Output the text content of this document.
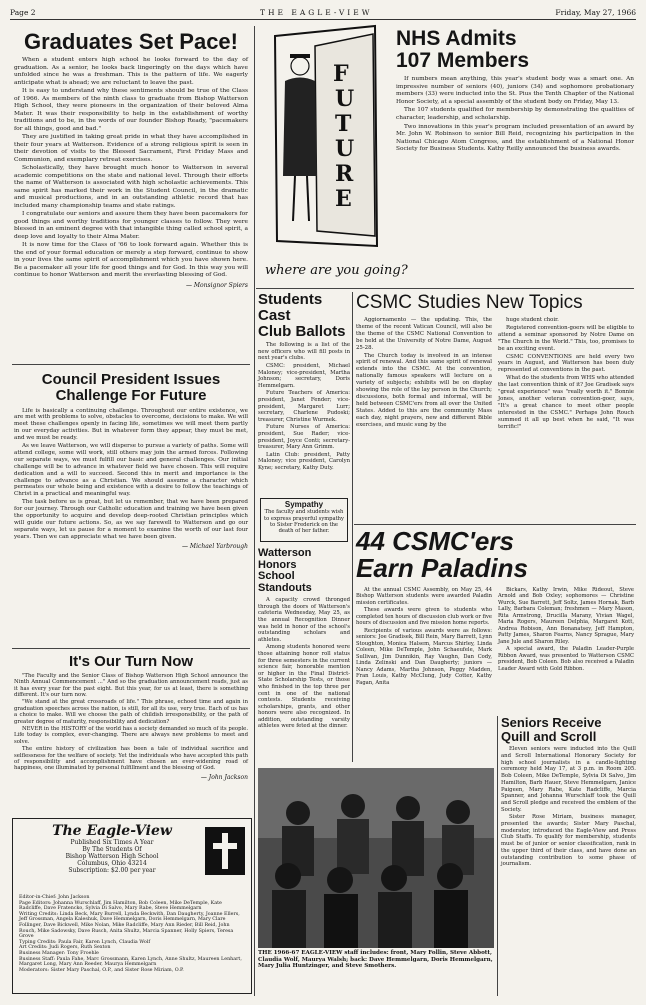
Page 2	THE EAGLE-VIEW	Friday, May 27, 1966
Graduates Set Pace!

When a student enters high school he looks forward to the day of graduation. As a senior, he looks back lingeringly on the days which have unfolded since he was a freshman. This is the pattern of life. We eagerly anticipate what is ahead; we are reluctant to leave the past.

It is easy to understand why these sentiments should be true of the Class of 1966. As members of the ninth class to graduate from Bishop Watterson High School, they were pioneers in the organization of their beloved Alma Mater. It was their responsibility to help in the establishment of worthy traditions and to be, in the words of our founder Bishop Ready, "pacemakers for all things, good and bad."

They are justified in taking great pride in what they have accomplished in their four years at Watterson. Evidence of a strong religious spirit is seen in their devotion of visits to the Blessed Sacrament, First Friday Mass and Communion, and exemplary retreat exercises.

Scholastically, they have brought much honor to Watterson in several academic competitions on the state and national level. Through their efforts the name of Watterson is associated with high scholastic achievements. This same spirit has marked their work in the Student Council, in the dramatic and musical productions, and in an outstanding athletic record that has included many championship teams and state ratings.

I congratulate our seniors and assure them they have been pacemakers for good things and worthy traditions for younger classes to follow. They were blessed in an eminent degree with that intangible thing called school spirit, a deep love and loyalty to their Alma Mater.

It is now time for the Class of '66 to look forward again. Whether this is the end of your formal education or merely a step forward, continue to show in your lives the same spirit of accomplishment which you have shown here. Be a pacemaker all your life for good things and for God. In this way you will continue to honor Watterson and merit the everlasting blessing of God.

— Monsignor Spiers
Council President Issues
Challenge For Future

Life is basically a continuing challenge. Throughout our entire existence, we are met with problems to solve, obstacles to overcome, decisions to make. We will meet these challenges openly in facing life, sometimes we will meet them partly in our everyday activities. But in whatever form they appear, they must be met, and we must be ready.

As we leave Watterson, we will disperse to pursue a variety of paths. Some will attend college, some will work, still others may join the armed forces. Following our separate ways, we must fulfill our basic and general challenges. Our initial challenge will be to advance in whatever field we have chosen. This will require dedication and a will to succeed. Second this in merit and importance is the challenge to advance as a Christian. We should assume a character which permeates our whole being and existence with a desire to follow the teachings of Christ in a practical and meaningful way.

The task before us is great, but let us remember, that we have been prepared for our journey. Through our Catholic education and training we have been given the opportunity to acquire and develop deep-rooted Christian principles which will guide our future actions. So, as we say farewell to Watterson and go our separate ways, let us pause for a moment to examine the worth of our last four years. Then we can appreciate what we have been given.

— Michael Yarbrough
It's Our Turn Now

"The Faculty and the Senior Class of Bishop Watterson High School announce the Ninth Annual Commencement ..." And so the graduation announcement reads, just as it has every year for the past eight. But this year, for us at least, there is something different. It's our turn now.

"We stand at the great crossroads of life." This phrase, echoed time and again in graduation speeches across the nation, is still, for all its use, very true. Each of us has a choice to make. Will we choose the path of childish irresponsibility, or the path of greater degree of maturity, responsibility and dedication?

NEVER in the HISTORY of the world has a society demanded so much of its people. Life today is complex, ever-changing. There are always new problems to meet and solve.

The entire history of civilization has been a tale of individual sacrifice and selflessness for the welfare of society. Yet the individuals who have accepted this path of responsibility and accomplishment have chosen an ever-widening road of happiness, one illuminated by personal fulfillment and the blessing of God.

— John Jackson
The Eagle-View
Published Six Times A Year
By The Students Of
Bishop Watterson High School
Columbus, Ohio 43214
Subscription: $2.00 per year
Editor-in-Chief: John Jackson
Page Editors: Johanna Wurschlaff, Jim Hamilton, Bob Coleen, Mike DeTemple, Kate Radcliffe, Dave Fratencko, Sylvia Di Salvo, Mary Rabe, Steve Hemmelgarn
Writing Credits: Linda Beck, Mary Burrell, Lynda Beckwith, Dan Daugherty, Joanne Ellers, Jeff Grossman, Angela Kaleshuk, Dave Hemmelgarn, Doris Hemmelgarn, Mary Clare Follinger, Dave Bickwell, Mike Nolan, Mike Radcliffe, Mary Ann Rieder, Bill Reid, John Rouch, Mike Sadowsky, Dave Rusch, Anita Shultz, Marcia Spanner, Holly Spiers, Teresa Grove
Typing Credits: Paula Fair, Karen Lynch, Claudia Wolf
Art Credits: Judi Rogers, Ruth Sexton
Business Manager: Tony Froehle
Business Staff: Paula Fahe, Marc Grossmann, Karen Lynch, Anne Shultz, Maureen Lenhart, Margaret Long, Mary Ann Reeder, Maurya Hemmelgarn
Moderators: Sister Mary Paschal, O.P., and Sister Rose Miriam, O.P.
F
U
T
U
R
E
where are you going?
NHS Admits
107 Members

If numbers mean anything, this year's student body was a smart one. An impressive number of seniors (40), juniors (34) and sophomore probationary members (33) were inducted into the St. Pius the Tenth Chapter of the National Honor Society, at a special assembly of the student body on Friday, May 13.

The 107 students qualified for membership by demonstrating the qualities of character, leadership, and scholarship.

Two innovations in this year's program included presentation of an award by Mr. John W. Robinson to senior Bill Reid, recognizing his participation in the National Chicago Atom Congress, and the establishment of a National Honor Society for Business Students. Kathy Reilly announced the business awards.

Students Cast
Club Ballots

The following is a list of the new officers who will fill posts in next year's clubs.

CSMC: president, Michael Maloney; vice-president, Martha Johnson; secretary, Doris Hemmelgarn.

Future Teachers of America: president, Janet Fender; vice-president, Margaret Lurr; secretary, Charlene Pudoski; treasurer, Christine Wurmek.

Future Nurses of America: president, Sue Rader; vice-president, Joyce Conti; secretary-treasurer, Mary Ann Grimm.

Latin Club: president, Patty Maloney; vice president, Carolyn Kyne; secretary, Kathy Duty.

Sympathy
The faculty and students wish to express prayerful sympathy to Sister Frederick on the death of her father.
Watterson Honors
School Standouts

A capacity crowd thronged through the doors of Watterson's cafeteria Wednesday, May 25, as the annual Recognition Dinner was held in honor of the school's outstanding scholars and athletes.

Among students honored were those attaining honor roll status for three semesters in the current science fair, honorable mention or higher in the Final District-State Scholarship Tests, or those who finished in the top three per cent in one of the national contests. Students receiving scholarships, grants, and other honors were also recognized. In addition, outstanding varsity athletes were feted at the dinner.

CSMC Studies New Topics

Aggiornamento — the updating. This, the theme of the recent Vatican Council, will also be the theme of the CSMC National Convention to be held at the University of Notre Dame, August 25-28.

The Church today is involved in an intense spirit of renewal. And this same spirit of renewal extends into the CSMC. At the convention, nationally famous speakers will lecture on a variety of subjects; exhibits will be on display showing the role of the lay person in the Church; discussions, both formal and informal, will be held between CSMC'ers from all over the United States. Added to this are the community Mass each day, night prayers, new and different Bible exercises, and music sung by the

huge student choir.

Registered convention-goers will be eligible to attend a seminar sponsored by Notre Dame on "The Church in the World." This, too, promises to be an exciting event.

CSMC CONVENTIONS are held every two years in August, and Watterson has been duly represented at conventions in the past.

What do the students from WHS who attended the last convention think of it? Joe Gradisek says "great experience" was "really worth it." Bonnie Jones, another veteran convention-goer, says, "It's a great chance to meet other people interested in the CSMC." Perhaps John Rouch summed it all up best when he said, "It was terrific!"

44 CSMC'ers
Earn Paladins

At the annual CSMC Assembly, on May 25, 44 Bishop Watterson students were awarded Paladin mission certificates.

These awards were given to students who completed ten hours of discussion club work or five hours of discussion and five mission home reports.

Recipients of various awards were as follows: seniors: Joe Gradisek, Bill Rein, Mary Barrett, Lynn Stoughton, Monica Halsem, Marcus Shirley, Linda Coleen, Mike DeTemple, John Schaeufele, Mark Sullivan, Jim Dunnikin, Ray Vaughn, Dan Cody, Linda Zelinski and Dan Daugherty; juniors — Nancy Adams, Martha Johnson, Peggy Madden, Fran Louis, Kathy McClung, Judy Cotter, Kathy Fagan, Anita

Bickars, Kathy Irwin, Mike Rideout, Steve Arnold and Bob Oxley; sophomores — Christine Wurck, Sue Barrett, Jeff Soltz, James Hornak, Barb Lally, Barbara Coleman; freshmen — Mary Mason, Rita Armstrong, Drucilla Marany, Vivian Wagel, Maria Rogers, Maureen Delphia, Margaret Kott, Andrea Robison, Ann Bonanatsey, Jeff Hampton, Patty James, Sharon Fearns, Nancy Sprague, Mary Jane Jule and Sharon Riley.

A special award, the Paladin Leader-Purple Ribbon Award, was presented to Watterson CSMC president, Bob Coleen. Bob also received a Paladin Leader Award with Gold Ribbon.

THE 1966-67 EAGLE-VIEW staff includes: front, Mary Follin, Steve Abbott, Claudia Wolf, Maurya Walsh; back: Dave Hemmelgarn, Doris Hemmelgarn, Mary Julia Huntzinger, and Steve Smothers.
Seniors Receive
Quill and Scroll

Eleven seniors were inducted into the Quill and Scroll International Honorary Society for high school journalists in a candle-lighting ceremony held May 17, at 3 p.m. in Room 205. Bob Coleen, Mike DeTemple, Sylvia Di Salvo, Jim Hamilton, Barb Hauer, Steve Hemmelgarn, Janice Paigeen, Mary Rabe, Kate Radcliffe, Marcia Spanner, and Johanna Wurschlaff took the Quill and Scroll pledge and received the emblem of the Society.

Sister Rose Miriam, business manager, presented the awards; Sister Mary Paschal, moderator, introduced the Eagle-View and Press Club Staffs. To qualify for membership, students must be of junior or senior classification, rank in the upper third of their class, and have done an outstanding contribution to some phase of journalism.
